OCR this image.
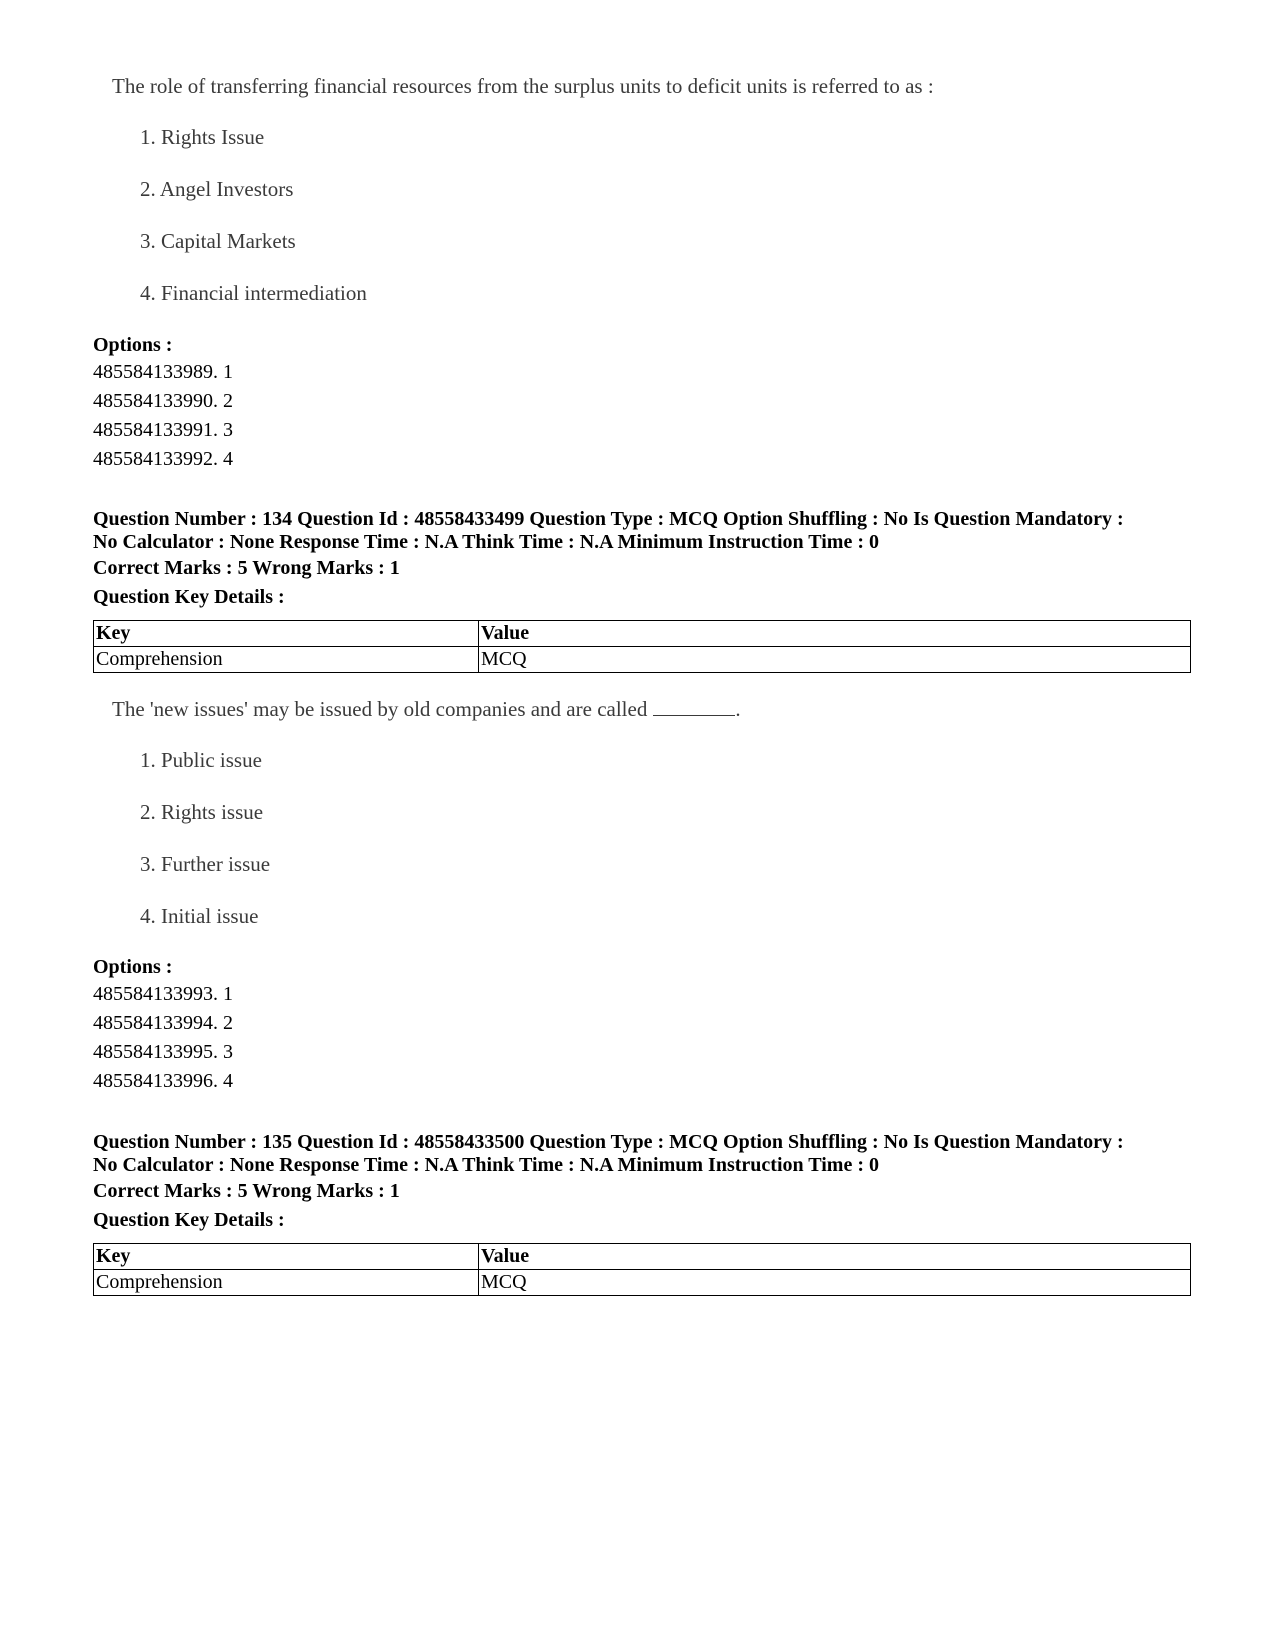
The role of transferring financial resources from the surplus units to deficit units is referred to as :
1. Rights Issue
2. Angel Investors
3. Capital Markets
4. Financial intermediation
Options :
485584133989. 1
485584133990. 2
485584133991. 3
485584133992. 4
Question Number : 134 Question Id : 48558433499 Question Type : MCQ Option Shuffling : No Is Question Mandatory :
No Calculator : None Response Time : N.A Think Time : N.A Minimum Instruction Time : 0
Correct Marks : 5 Wrong Marks : 1
Question Key Details :
Key	Value
Comprehension	MCQ
The 'new issues' may be issued by old companies and are called	.
1. Public issue
2. Rights issue
3. Further issue
4. Initial issue
Options :
485584133993. 1
485584133994. 2
485584133995. 3
485584133996. 4
Question Number : 135 Question Id : 48558433500 Question Type : MCQ Option Shuffling : No Is Question Mandatory :
No Calculator : None Response Time : N.A Think Time : N.A Minimum Instruction Time : 0
Correct Marks : 5 Wrong Marks : 1
Question Key Details :
Key	Value
Comprehension	MCQ
